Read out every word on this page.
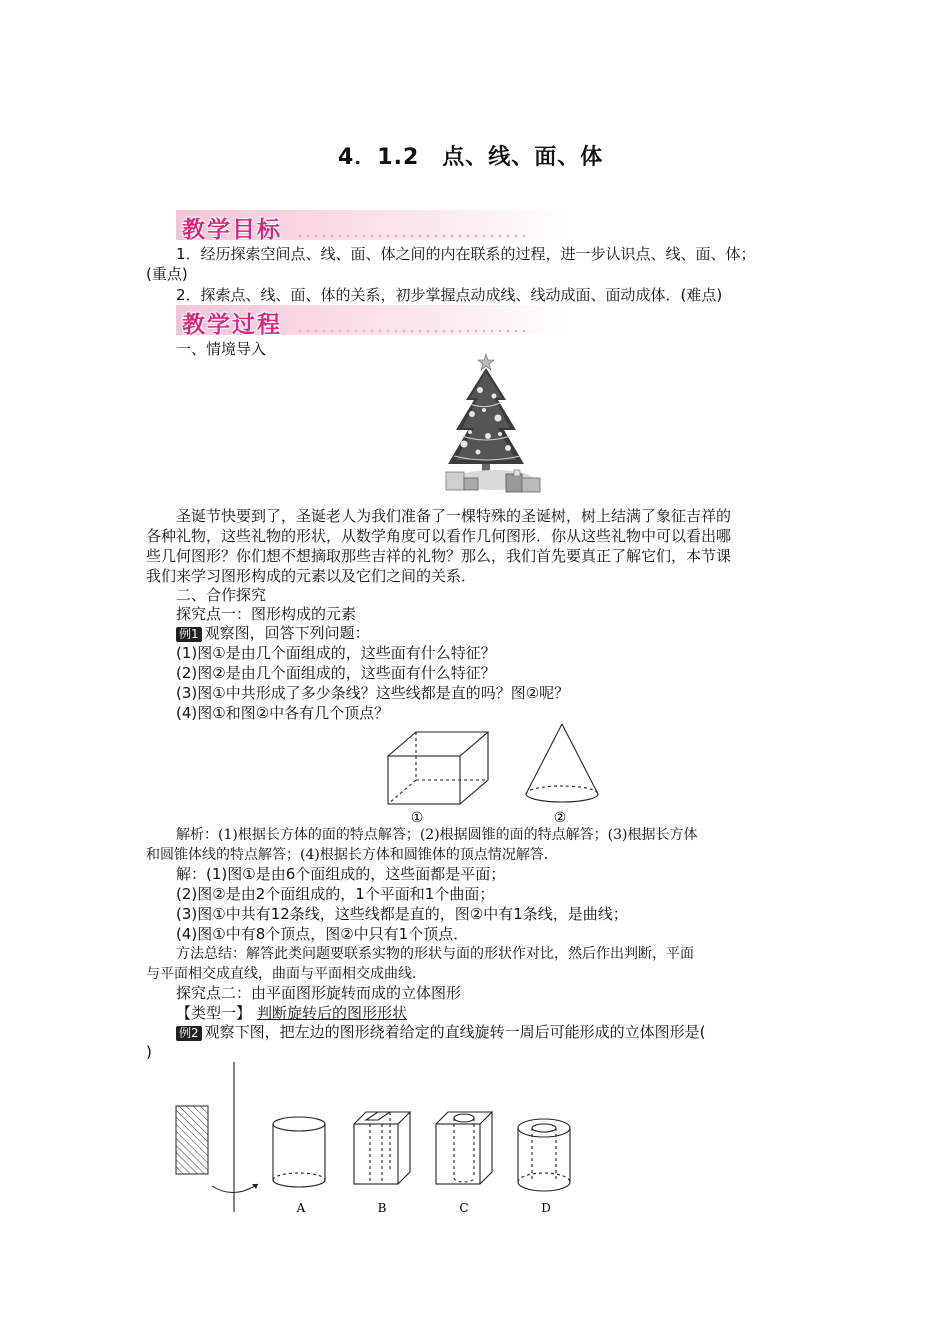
4．1.2　点、线、面、体
教学目标
1．经历探索空间点、线、面、体之间的内在联系的过程，进一步认识点、线、面、体；
(重点)
2．探索点、线、面、体的关系，初步掌握点动成线、线动成面、面动成体．(难点)
教学过程
一、情境导入
圣诞节快要到了，圣诞老人为我们准备了一棵特殊的圣诞树，树上结满了象征吉祥的
各种礼物，这些礼物的形状，从数学角度可以看作几何图形．你从这些礼物中可以看出哪
些几何图形？你们想不想摘取那些吉祥的礼物？那么，我们首先要真正了解它们，本节课
我们来学习图形构成的元素以及它们之间的关系．
二、合作探究
探究点一：图形构成的元素
例1 观察图，回答下列问题：
(1)图①是由几个面组成的，这些面有什么特征？
(2)图②是由几个面组成的，这些面有什么特征？
(3)图①中共形成了多少条线？这些线都是直的吗？图②呢？
(4)图①和图②中各有几个顶点？
①	②
解析：(1)根据长方体的面的特点解答；(2)根据圆锥的面的特点解答；(3)根据长方体
和圆锥体线的特点解答；(4)根据长方体和圆锥体的顶点情况解答．
解：(1)图①是由6个面组成的，这些面都是平面；
(2)图②是由2个面组成的，1个平面和1个曲面；
(3)图①中共有12条线，这些线都是直的，图②中有1条线，是曲线；
(4)图①中有8个顶点，图②中只有1个顶点．
方法总结：解答此类问题要联系实物的形状与面的形状作对比，然后作出判断，平面
与平面相交成直线，曲面与平面相交成曲线．
探究点二：由平面图形旋转而成的立体图形
【类型一】 判断旋转后的图形形状
例2 观察下图，把左边的图形绕着给定的直线旋转一周后可能形成的立体图形是(
)
A	B	C	D
